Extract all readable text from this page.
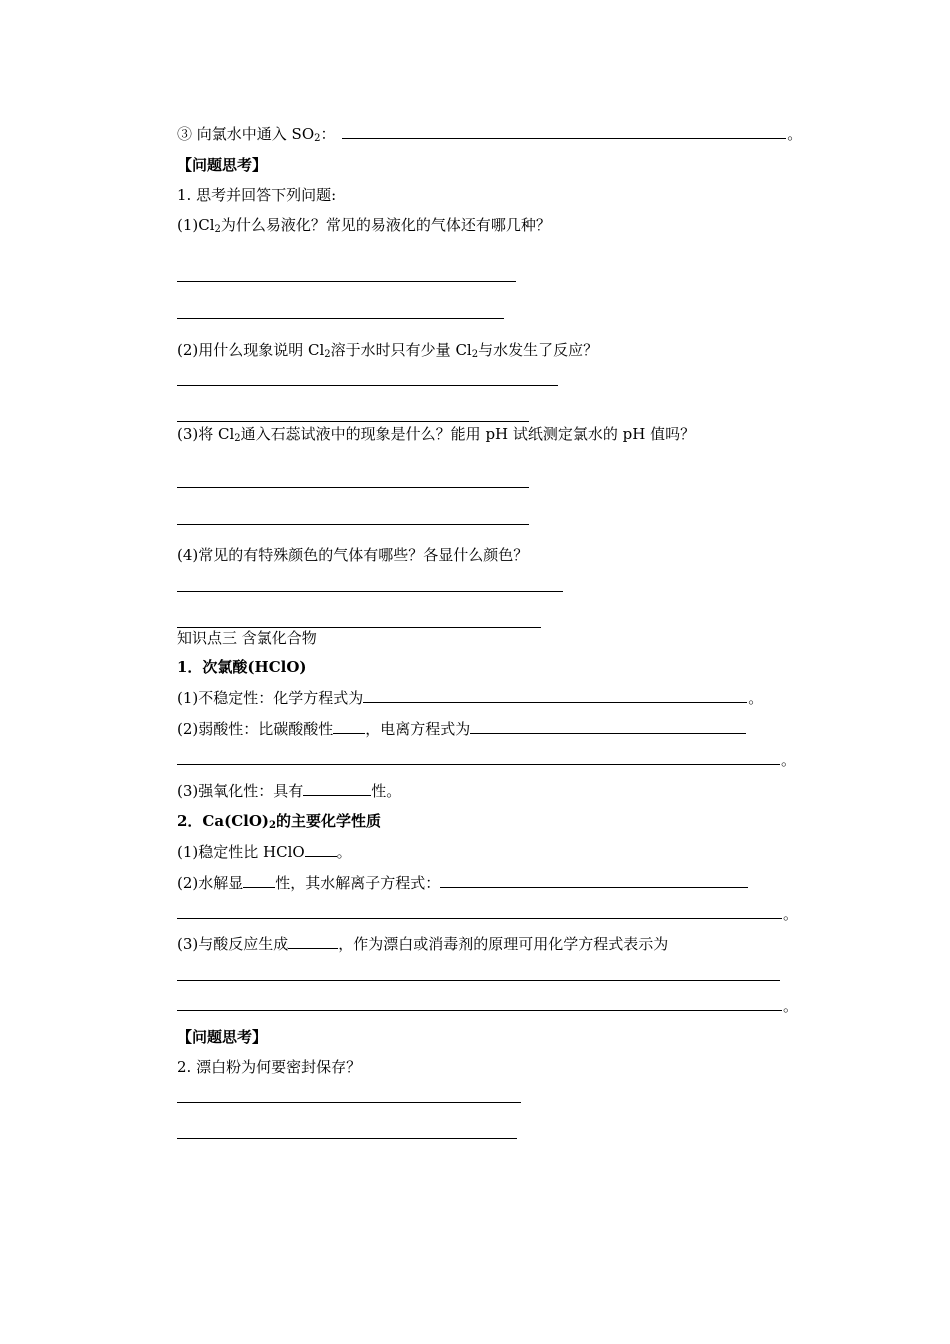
③ 向氯水中通入 $SO_2$：	。
【问题思考】
1. 思考并回答下列问题:
$(1)Cl_2$为什么易液化？常见的易液化的气体还有哪几种？
(2)用什么现象说明 $Cl_2$溶于水时只有少量 $Cl_2$与水发生了反应？
(3)将 $Cl_2$通入石蕊试液中的现象是什么？能用 pH 试纸测定氯水的 pH 值吗？
(4)常见的有特殊颜色的气体有哪些？各显什么颜色？
知识点三 含氯化合物
1．次氯酸(HClO)
(1)不稳定性：化学方程式为	。
(2)弱酸性：比碳酸酸性 ，电离方程式为
。
(3)强氧化性：具有	性。
2．$Ca(ClO)_2$的主要化学性质
(1)稳定性比 HClO 。
(2)水解显 性，其水解离子方程式：
。
(3)与酸反应生成	，作为漂白或消毒剂的原理可用化学方程式表示为
。
【问题思考】
2. 漂白粉为何要密封保存？
